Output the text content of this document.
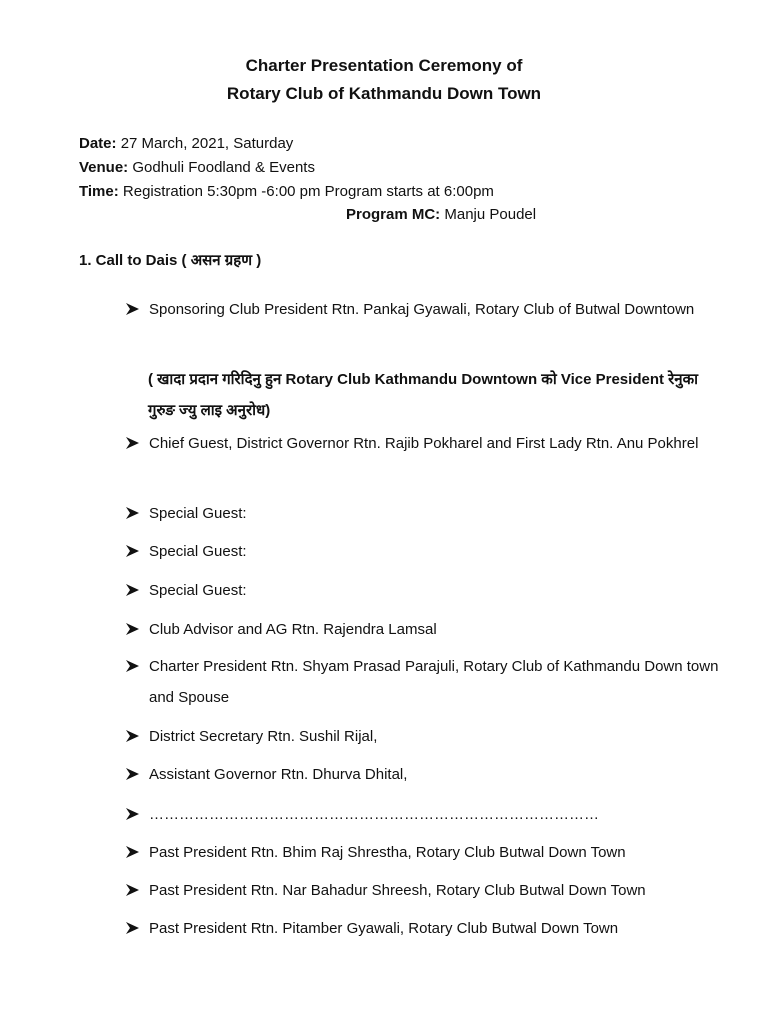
Charter Presentation Ceremony of
Rotary Club of Kathmandu Down Town
Date: 27 March, 2021, Saturday
Venue: Godhuli Foodland & Events
Time: Registration 5:30pm -6:00 pm Program starts at 6:00pm
Program MC: Manju Poudel
1. Call to Dais ( असन ग्रहण )
Sponsoring Club President Rtn. Pankaj Gyawali, Rotary Club of Butwal Downtown
( खादा प्रदान गरिदिनु हुन Rotary Club Kathmandu Downtown को Vice President रेनुका गुरुङ ज्यु लाइ अनुरोध)
Chief Guest, District Governor Rtn. Rajib Pokharel and First Lady Rtn. Anu Pokhrel
Special Guest:
Special Guest:
Special Guest:
Club Advisor and AG Rtn. Rajendra Lamsal
Charter President Rtn. Shyam Prasad Parajuli, Rotary Club of Kathmandu Down town and Spouse
District Secretary Rtn. Sushil Rijal,
Assistant Governor Rtn. Dhurva Dhital,
………………………………………………………………………………
Past President Rtn. Bhim Raj Shrestha, Rotary Club Butwal Down Town
Past President Rtn. Nar Bahadur Shreesh, Rotary Club Butwal Down Town
Past President Rtn. Pitamber Gyawali, Rotary Club Butwal Down Town
